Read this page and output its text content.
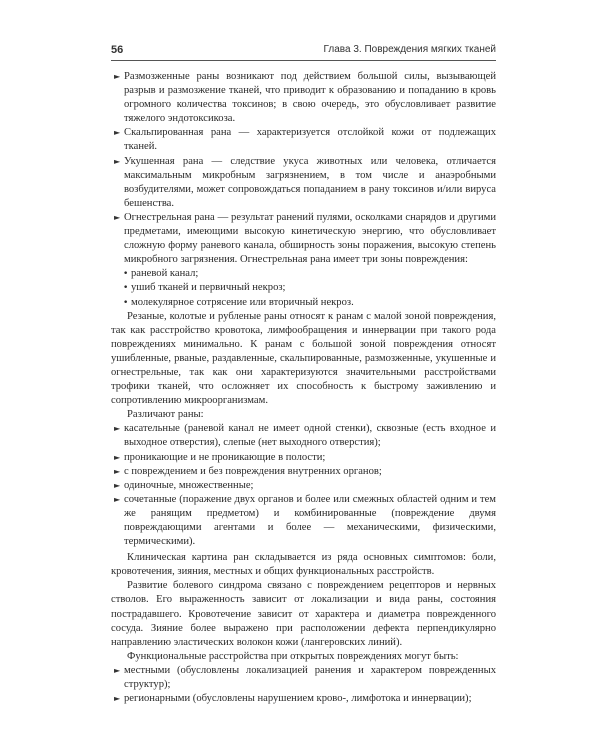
56	Глава 3. Повреждения мягких тканей
► Размозженные раны возникают под действием большой силы, вызывающей разрыв и размозжение тканей, что приводит к образованию и попаданию в кровь огромного количества токсинов; в свою очередь, это обусловливает развитие тяжелого эндотоксикоза.
► Скальпированная рана — характеризуется отслойкой кожи от подлежащих тканей.
► Укушенная рана — следствие укуса животных или человека, отличается максимальным микробным загрязнением, в том числе и анаэробными возбудителями, может сопровождаться попаданием в рану токсинов и/или вируса бешенства.
► Огнестрельная рана — результат ранений пулями, осколками снарядов и другими предметами, имеющими высокую кинетическую энергию, что обусловливает сложную форму раневого канала, обширность зоны поражения, высокую степень микробного загрязнения. Огнестрельная рана имеет три зоны повреждения:
• раневой канал;
• ушиб тканей и первичный некроз;
• молекулярное сотрясение или вторичный некроз.

Резаные, колотые и рубленые раны относят к ранам с малой зоной повреждения, так как расстройство кровотока, лимфообращения и иннервации при такого рода повреждениях минимально. К ранам с большой зоной повреждения относят ушибленные, рваные, раздавленные, скальпированные, размозженные, укушенные и огнестрельные, так как они характеризуются значительными расстройствами трофики тканей, что осложняет их способность к быстрому заживлению и сопротивлению микроорганизмам.

Различают раны:

► касательные (раневой канал не имеет одной стенки), сквозные (есть входное и выходное отверстия), слепые (нет выходного отверстия);
► проникающие и не проникающие в полости;
► с повреждением и без повреждения внутренних органов;
► одиночные, множественные;
► сочетанные (поражение двух органов и более или смежных областей одним и тем же ранящим предметом) и комбинированные (повреждение двумя повреждающими агентами и более — механическими, физическими, термическими).

Клиническая картина ран складывается из ряда основных симптомов: боли, кровотечения, зияния, местных и общих функциональных расстройств.

Развитие болевого синдрома связано с повреждением рецепторов и нервных стволов. Его выраженность зависит от локализации и вида раны, состояния пострадавшего. Кровотечение зависит от характера и диаметра поврежденного сосуда. Зияние более выражено при расположении дефекта перпендикулярно направлению эластических волокон кожи (лангеровских линий).

Функциональные расстройства при открытых повреждениях могут быть:

► местными (обусловлены локализацией ранения и характером поврежденных структур);
► регионарными (обусловлены нарушением крово-, лимфотока и иннервации);
